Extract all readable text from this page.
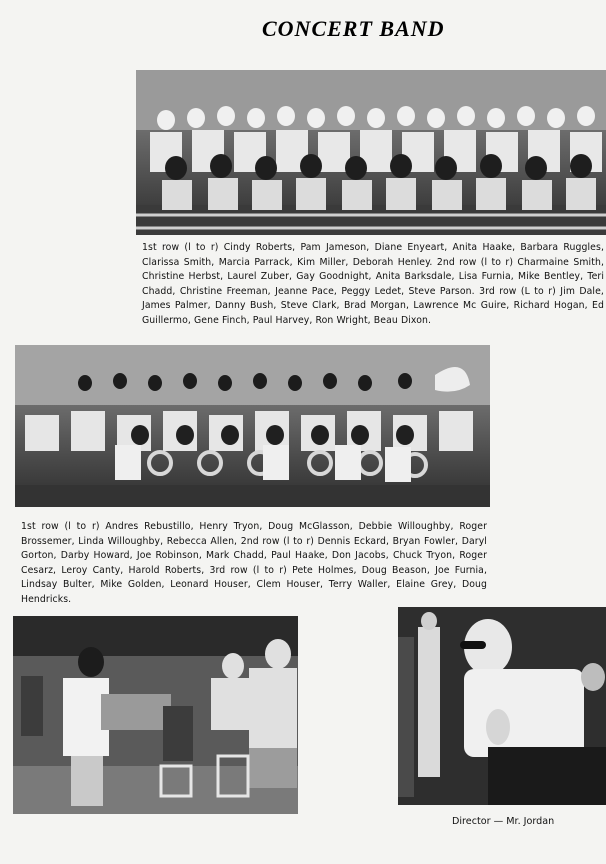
CONCERT BAND
1st row (l to r) Cindy Roberts, Pam Jameson, Diane Enyeart, Anita Haake, Barbara Ruggles, Clarissa Smith, Marcia Parrack, Kim Miller, Deborah Henley. 2nd row (l to r) Charmaine Smith, Christine Herbst, Laurel Zuber, Gay Goodnight, Anita Barksdale, Lisa Furnia, Mike Bentley, Teri Chadd, Christine Freeman, Jeanne Pace, Peggy Ledet, Steve Parson. 3rd row (L to r) Jim Dale, James Palmer, Danny Bush, Steve Clark, Brad Morgan, Lawrence Mc Guire, Richard Hogan, Ed Guillermo, Gene Finch, Paul Harvey, Ron Wright, Beau Dixon.
1st row (l to r) Andres Rebustillo, Henry Tryon, Doug McGlasson, Debbie Willoughby, Roger Brossemer, Linda Willoughby, Rebecca Allen, 2nd row (l to r) Dennis Eckard, Bryan Fowler, Daryl Gorton, Darby Howard, Joe Robinson, Mark Chadd, Paul Haake, Don Jacobs, Chuck Tryon, Roger Cesarz, Leroy Canty, Harold Roberts, 3rd row (l to r) Pete Holmes, Doug Beason, Joe Furnia, Lindsay Bulter, Mike Golden, Leonard Houser, Clem Houser, Terry Waller, Elaine Grey, Doug Hendricks.
Director — Mr. Jordan
